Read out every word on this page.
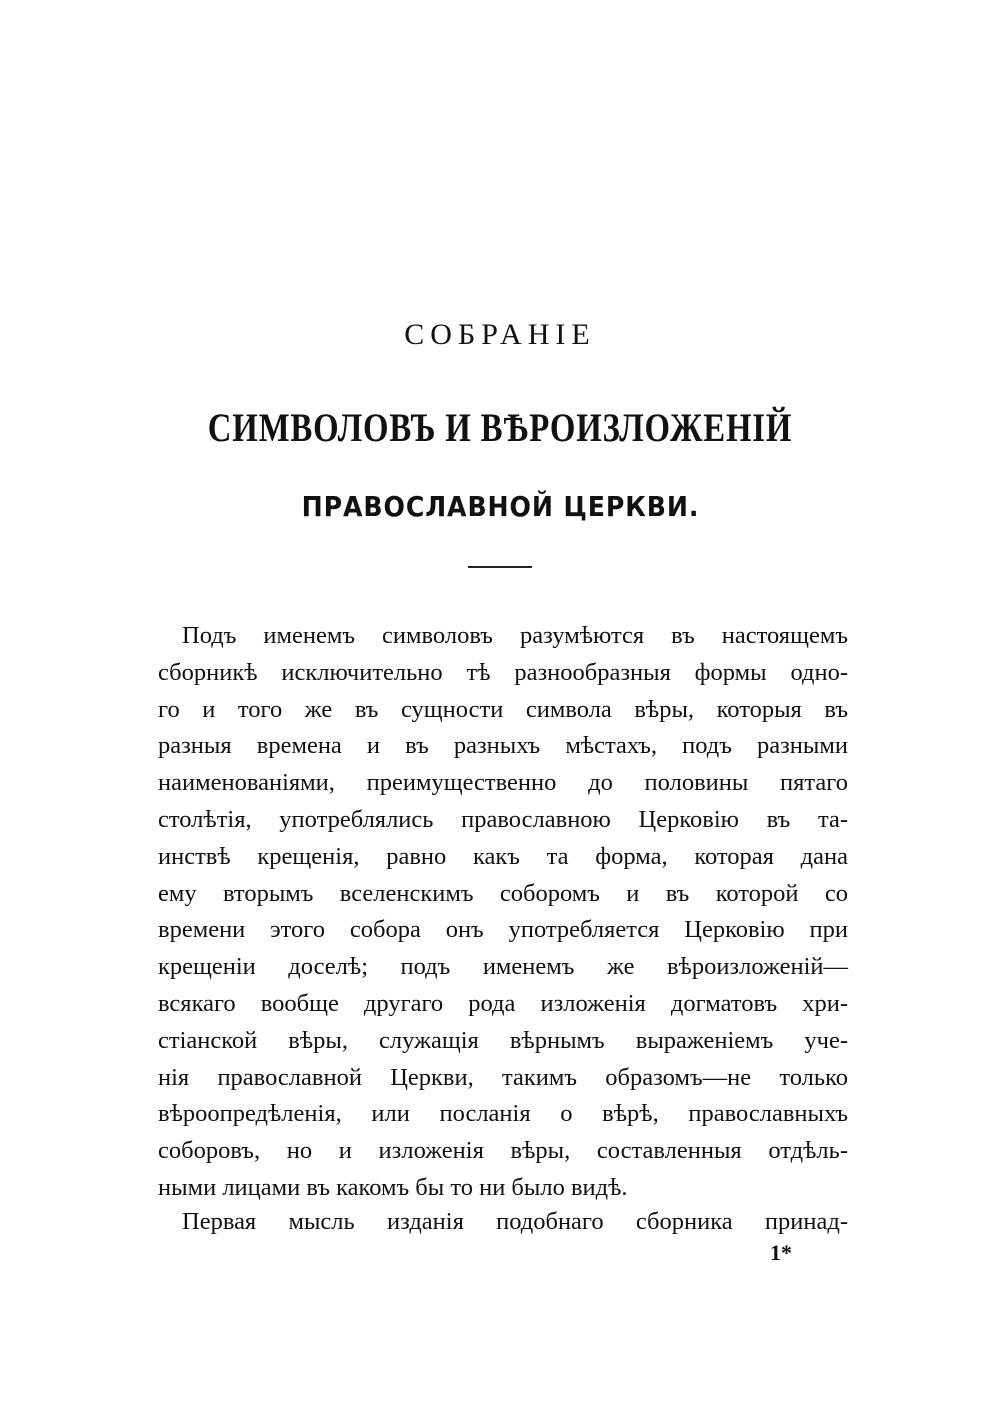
СОБРАНІЕ
СИМВОЛОВЪ И ВѢРОИЗЛОЖЕНІЙ
ПРАВОСЛАВНОЙ ЦЕРКВИ.
Подъ именемъ символовъ разумѣются въ настоящемъ
сборникѣ исключительно тѣ разнообразныя формы одно-
го и того же въ сущности символа вѣры, которыя въ
разныя времена и въ разныхъ мѣстахъ, подъ разными
наименованіями, преимущественно до половины пятаго
столѣтія, употреблялись православною Церковію въ та-
инствѣ крещенія, равно какъ та форма, которая дана
ему вторымъ вселенскимъ соборомъ и въ которой со
времени этого собора онъ употребляется Церковію при
крещеніи доселѣ; подъ именемъ же вѣроизложеній—
всякаго вообще другаго рода изложенія догматовъ хри-
стіанской вѣры, служащія вѣрнымъ выраженіемъ уче-
нія православной Церкви, такимъ образомъ—не только
вѣроопредѣленія, или посланія о вѣрѣ, православныхъ
соборовъ, но и изложенія вѣры, составленныя отдѣль-
ными лицами въ какомъ бы то ни было видѣ.
Первая мысль изданія подобнаго сборника принад-
1*
